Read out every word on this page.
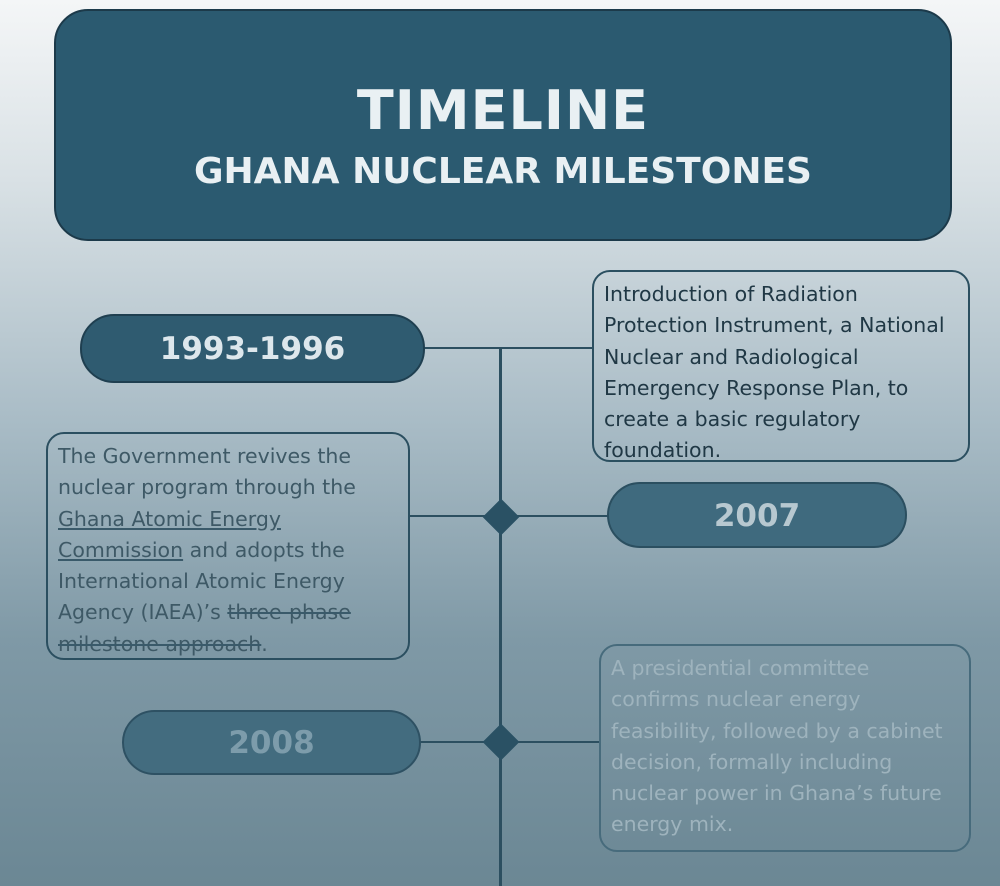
TIMELINE
GHANA NUCLEAR MILESTONES
1993-1996
2007
2008
Introduction of Radiation Protection Instrument, a National Nuclear and Radiological Emergency Response Plan, to create a basic regulatory foundation.
The Government revives the nuclear program through the Ghana Atomic Energy Commission and adopts the International Atomic Energy Agency (IAEA)’s three-phase milestone approach.
A presidential committee confirms nuclear energy feasibility, followed by a cabinet decision, formally including nuclear power in Ghana’s future energy mix.
